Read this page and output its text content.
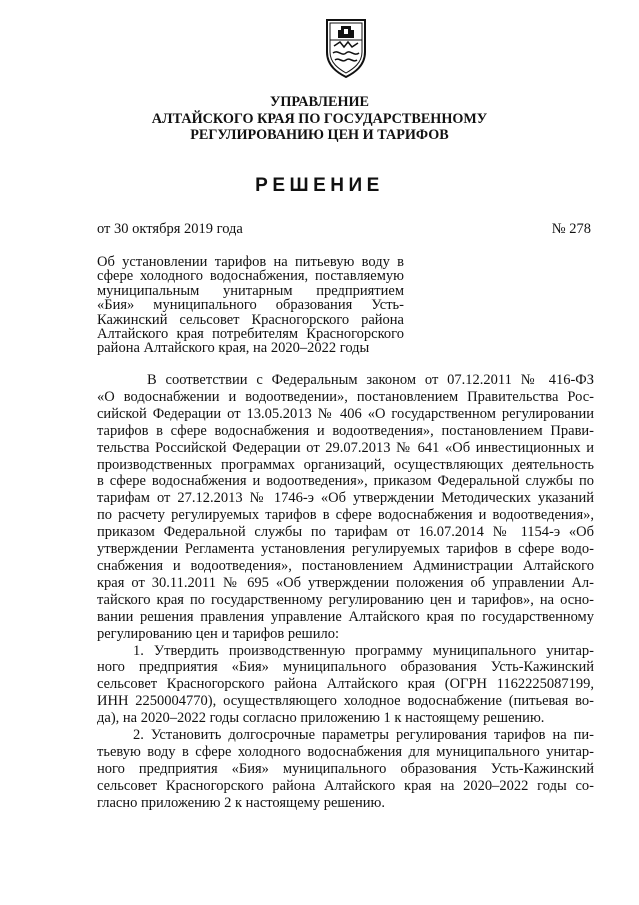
УПРАВЛЕНИЕ
АЛТАЙСКОГО КРАЯ ПО ГОСУДАРСТВЕННОМУ
РЕГУЛИРОВАНИЮ ЦЕН И ТАРИФОВ
РЕШЕНИЕ
от 30 октября 2019 года	№ 278
Об установлении тарифов на питьевую воду в
сфере холодного водоснабжения, поставляемую
муниципальным унитарным предприятием
«Бия» муниципального образования Усть-
Кажинский сельсовет Красногорского района
Алтайского края потребителям Красногорского
района Алтайского края, на 2020–2022 годы
В соответствии с Федеральным законом от 07.12.2011 № 416-ФЗ
«О водоснабжении и водоотведении», постановлением Правительства Рос-
сийской Федерации от 13.05.2013 № 406 «О государственном регулировании
тарифов в сфере водоснабжения и водоотведения», постановлением Прави-
тельства Российской Федерации от 29.07.2013 № 641 «Об инвестиционных и
производственных программах организаций, осуществляющих деятельность
в сфере водоснабжения и водоотведения», приказом Федеральной службы по
тарифам от 27.12.2013 № 1746-э «Об утверждении Методических указаний
по расчету регулируемых тарифов в сфере водоснабжения и водоотведения»,
приказом Федеральной службы по тарифам от 16.07.2014 № 1154-э «Об
утверждении Регламента установления регулируемых тарифов в сфере водо-
снабжения и водоотведения», постановлением Администрации Алтайского
края от 30.11.2011 № 695 «Об утверждении положения об управлении Ал-
тайского края по государственному регулированию цен и тарифов», на осно-
вании решения правления управление Алтайского края по государственному
регулированию цен и тарифов решило:
1. Утвердить производственную программу муниципального унитар-
ного предприятия «Бия» муниципального образования Усть-Кажинский
сельсовет Красногорского района Алтайского края (ОГРН 1162225087199,
ИНН 2250004770), осуществляющего холодное водоснабжение (питьевая во-
да), на 2020–2022 годы согласно приложению 1 к настоящему решению.
2. Установить долгосрочные параметры регулирования тарифов на пи-
тьевую воду в сфере холодного водоснабжения для муниципального унитар-
ного предприятия «Бия» муниципального образования Усть-Кажинский
сельсовет Красногорского района Алтайского края на 2020–2022 годы со-
гласно приложению 2 к настоящему решению.
